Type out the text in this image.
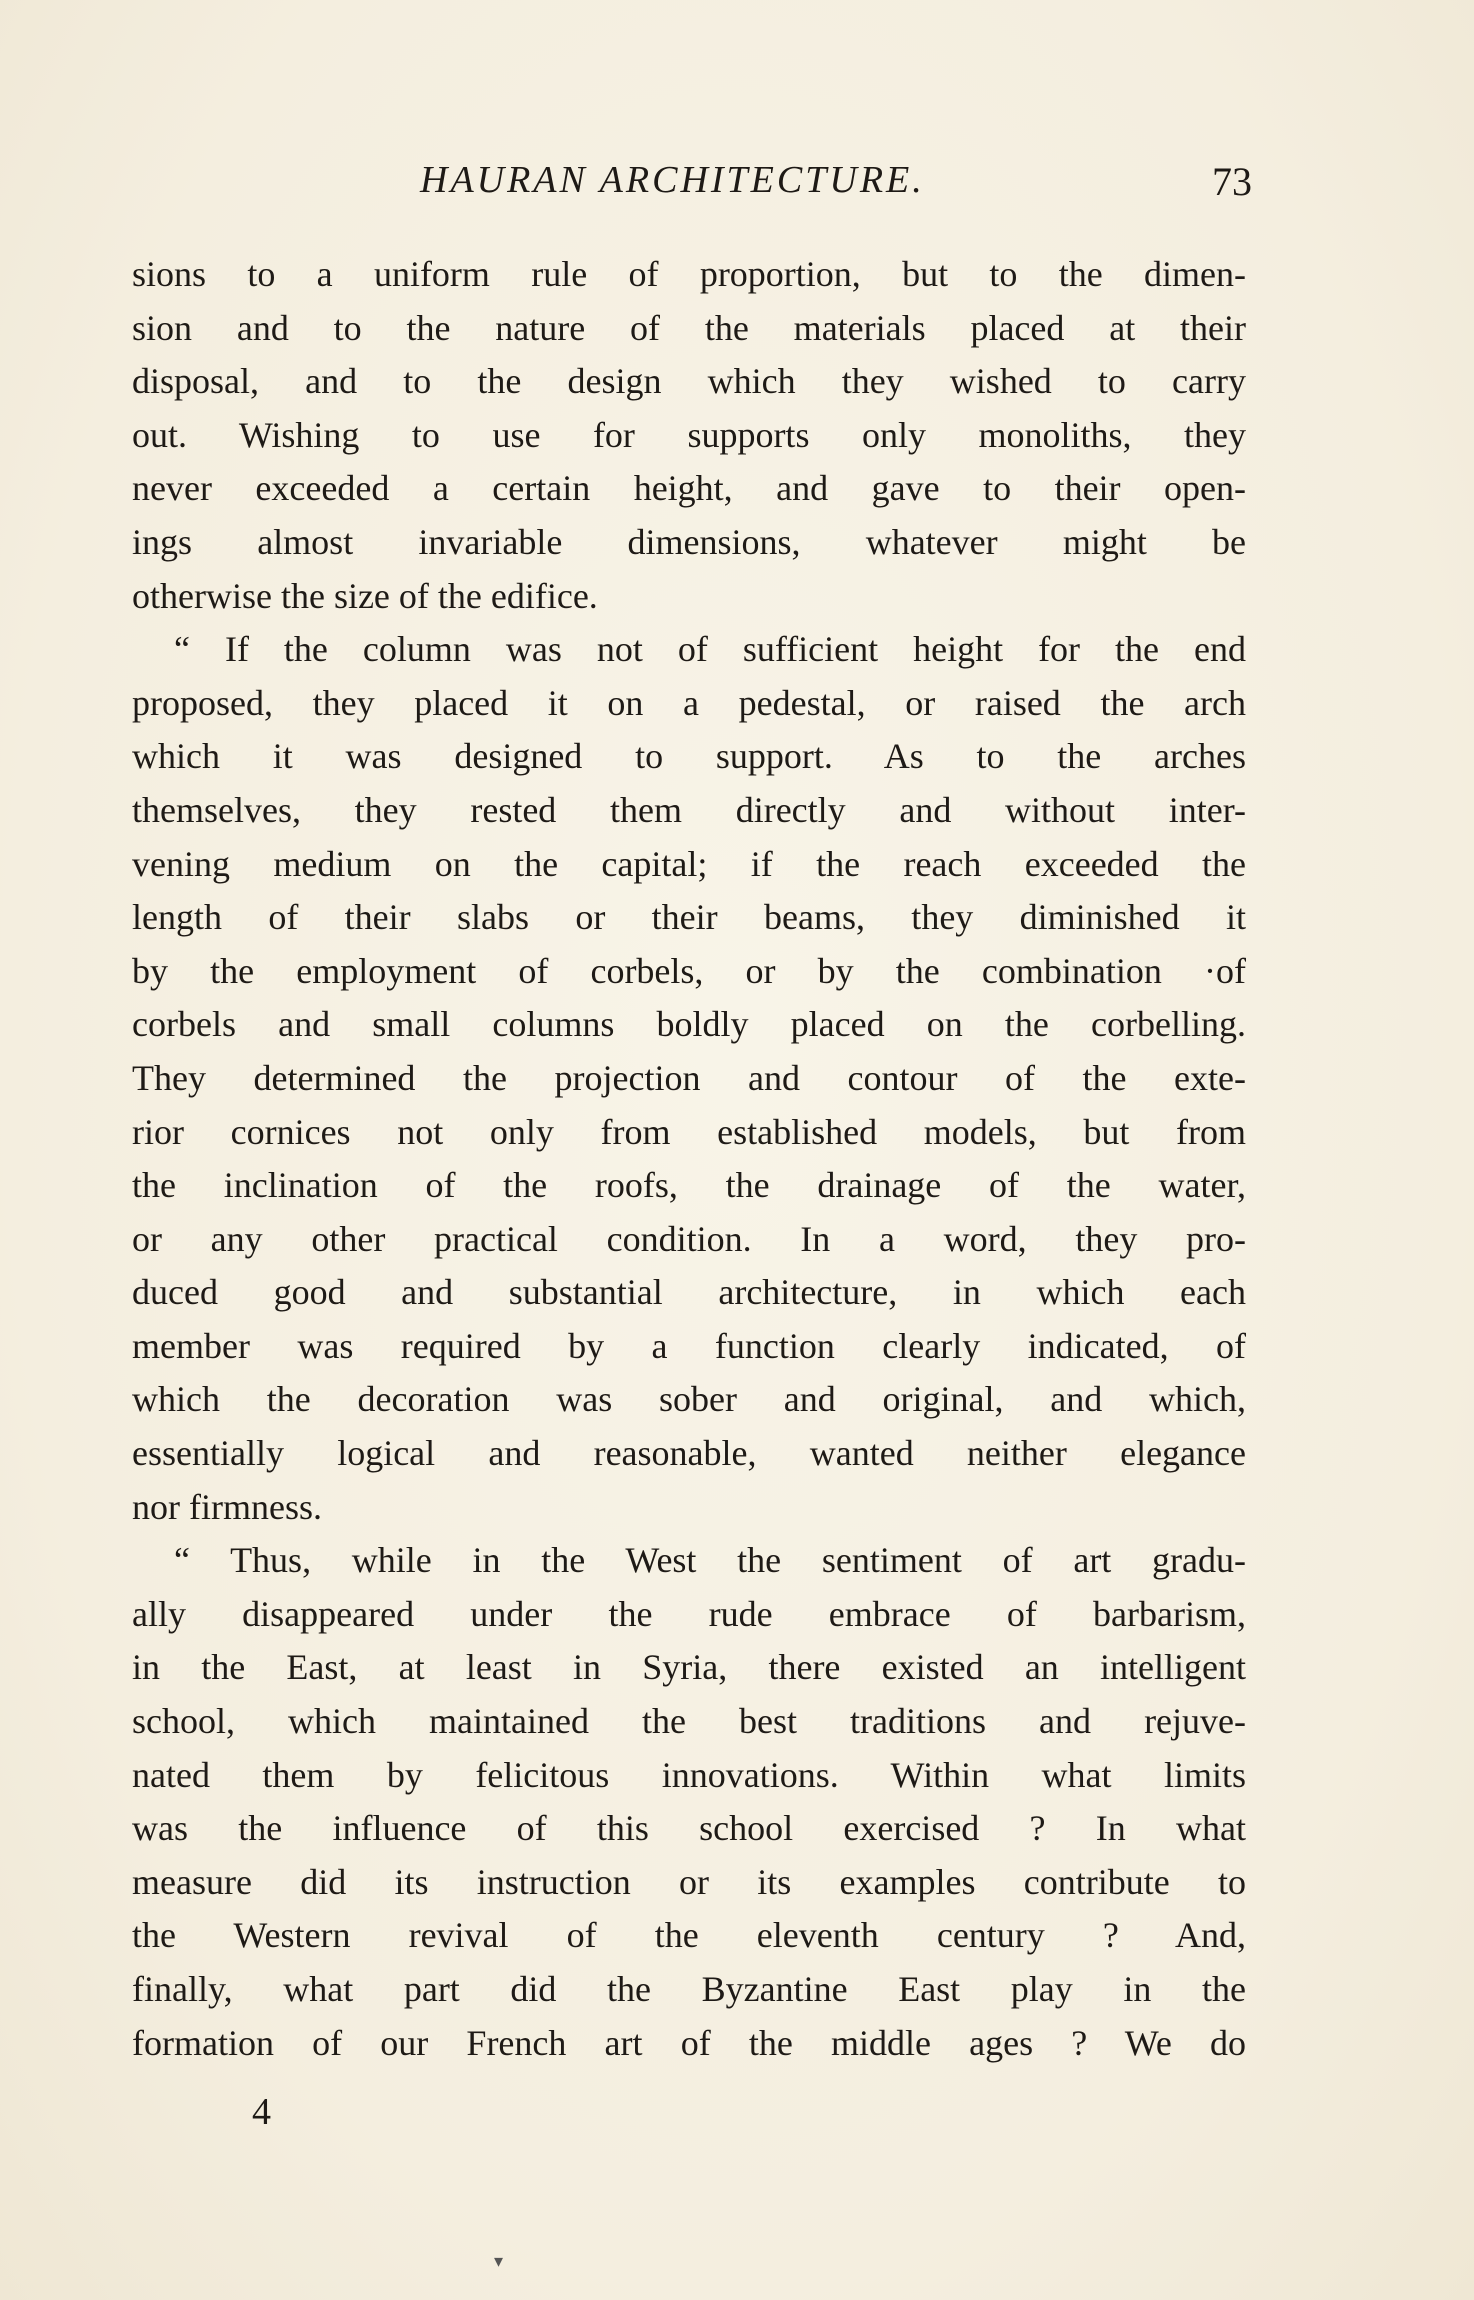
HAURAN ARCHITECTURE.	73
sions to a uniform rule of proportion, but to the dimen-
sion and to the nature of the materials placed at their
disposal, and to the design which they wished to carry
out. Wishing to use for supports only monoliths, they
never exceeded a certain height, and gave to their open-
ings almost invariable dimensions, whatever might be
otherwise the size of the edifice.
“ If the column was not of sufficient height for the end
proposed, they placed it on a pedestal, or raised the arch
which it was designed to support. As to the arches
themselves, they rested them directly and without inter-
vening medium on the capital; if the reach exceeded the
length of their slabs or their beams, they diminished it
by the employment of corbels, or by the combination ·of
corbels and small columns boldly placed on the corbelling.
They determined the projection and contour of the exte-
rior cornices not only from established models, but from
the inclination of the roofs, the drainage of the water,
or any other practical condition. In a word, they pro-
duced good and substantial architecture, in which each
member was required by a function clearly indicated, of
which the decoration was sober and original, and which,
essentially logical and reasonable, wanted neither elegance
nor firmness.
“ Thus, while in the West the sentiment of art gradu-
ally disappeared under the rude embrace of barbarism,
in the East, at least in Syria, there existed an intelligent
school, which maintained the best traditions and rejuve-
nated them by felicitous innovations. Within what limits
was the influence of this school exercised ? In what
measure did its instruction or its examples contribute to
the Western revival of the eleventh century ? And,
finally, what part did the Byzantine East play in the
formation of our French art of the middle ages ? We do
4
▾
